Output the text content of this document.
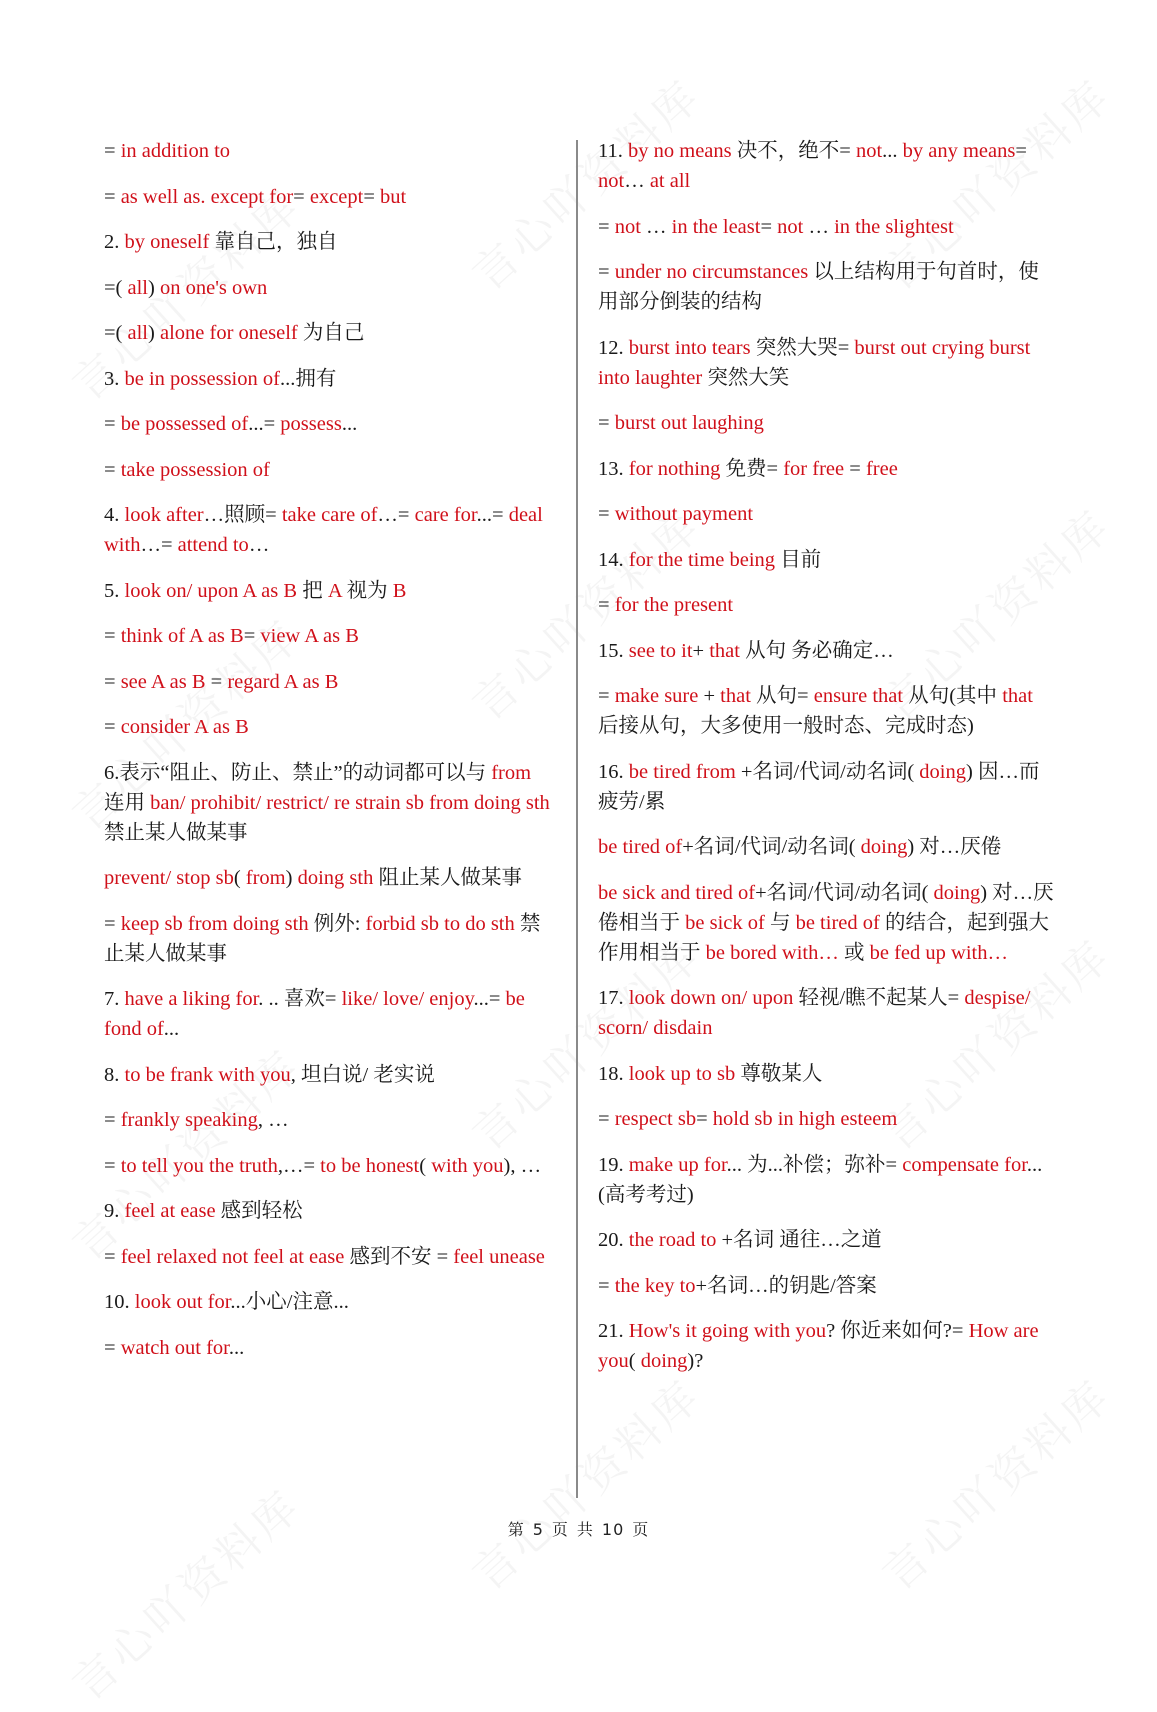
= in addition to

= as well as. except for= except= but

2. by oneself 靠自己，独自

=( all) on one's own

=( all) alone for oneself 为自己

3. be in possession of...拥有

= be possessed of...= possess...

= take possession of

4. look after…照顾= take care of…= care for...= deal with…= attend to…

5. look on/ upon A as B 把 A 视为 B

= think of A as B= view A as B

= see A as B = regard A as B

= consider A as B

6.表示“阻止、防止、禁止”的动词都可以与 from 连用 ban/ prohibit/ restrict/ re strain sb from doing sth 禁止某人做某事

prevent/ stop sb( from) doing sth 阻止某人做某事

= keep sb from doing sth 例外: forbid sb to do sth 禁止某人做某事

7. have a liking for. .. 喜欢= like/ love/ enjoy...= be fond of...

8. to be frank with you, 坦白说/ 老实说

= frankly speaking, …

= to tell you the truth,…= to be honest( with you), …

9. feel at ease 感到轻松

= feel relaxed not feel at ease 感到不安 = feel unease

10. look out for...小心/注意...

= watch out for...

11. by no means 决不，绝不= not... by any means= not… at all

= not … in the least= not … in the slightest

= under no circumstances 以上结构用于句首时，使用部分倒装的结构

12. burst into tears 突然大哭= burst out crying burst into laughter 突然大笑

= burst out laughing

13. for nothing 免费= for free = free

= without payment

14. for the time being 目前

= for the present

15. see to it+ that 从句 务必确定…

= make sure + that 从句= ensure that 从句(其中 that 后接从句，大多使用一般时态、完成时态)

16. be tired from +名词/代词/动名词( doing) 因…而疲劳/累

be tired of+名词/代词/动名词( doing) 对…厌倦

be sick and tired of+名词/代词/动名词( doing) 对…厌倦相当于 be sick of 与 be tired of 的结合，起到强大作用相当于 be bored with… 或 be fed up with…

17. look down on/ upon 轻视/瞧不起某人= despise/ scorn/ disdain

18. look up to sb 尊敬某人

= respect sb= hold sb in high esteem

19. make up for... 为...补偿；弥补= compensate for... (高考考过)

20. the road to +名词 通往…之道

= the key to+名词…的钥匙/答案

21. How's it going with you? 你近来如何?= How are you( doing)?

第 5 页 共 10 页
